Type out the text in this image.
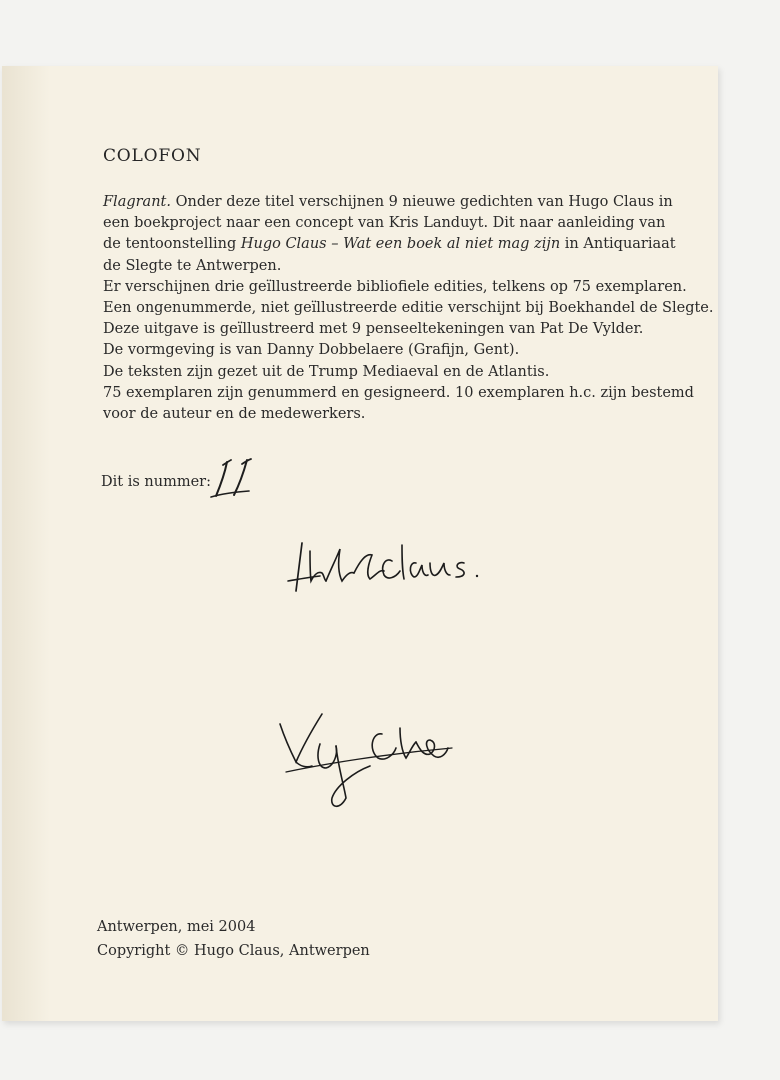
COLOFON

Flagrant. Onder deze titel verschijnen 9 nieuwe gedichten van Hugo Claus in

een boekproject naar een concept van Kris Landuyt. Dit naar aanleiding van

de tentoonstelling Hugo Claus – Wat een boek al niet mag zijn in Antiquariaat

de Slegte te Antwerpen.

Er verschijnen drie geïllustreerde bibliofiele edities, telkens op 75 exemplaren.

Een ongenummerde, niet geïllustreerde editie verschijnt bij Boekhandel de Slegte.

Deze uitgave is geïllustreerd met 9 penseeltekeningen van Pat De Vylder.

De vormgeving is van Danny Dobbelaere (Grafijn, Gent).

De teksten zijn gezet uit de Trump Mediaeval en de Atlantis.

75 exemplaren zijn genummerd en gesigneerd. 10 exemplaren h.c. zijn bestemd

voor de auteur en de medewerkers.

Dit is nummer:

Antwerpen, mei 2004

Copyright © Hugo Claus, Antwerpen
